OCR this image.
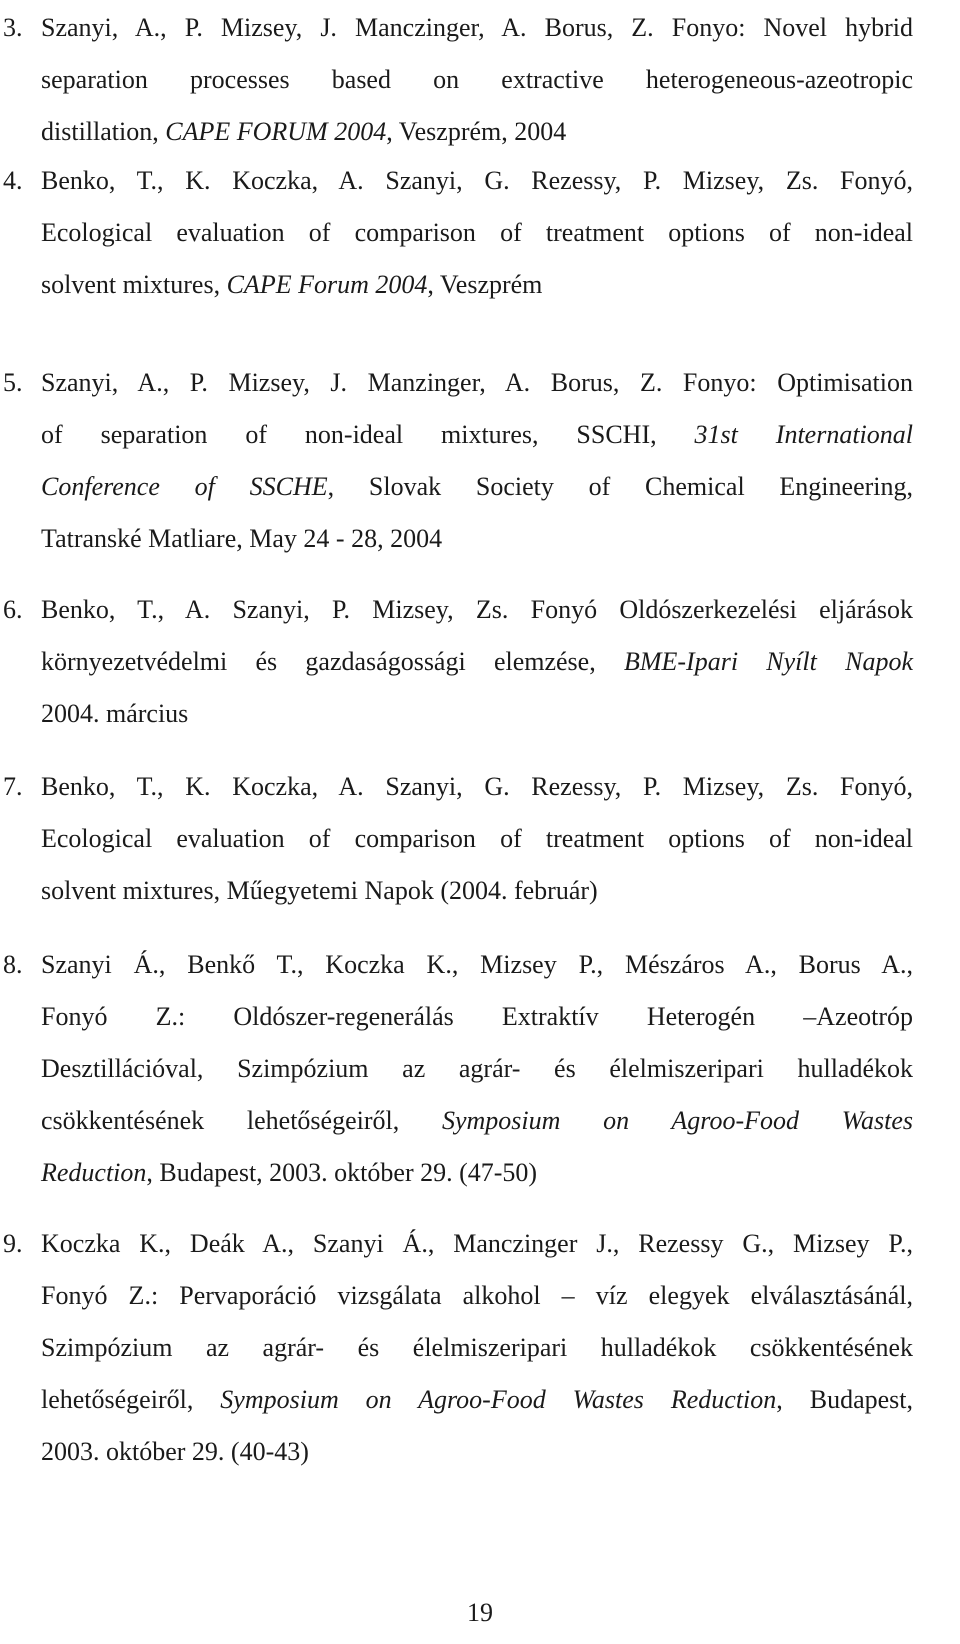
3. Szanyi, A., P. Mizsey, J. Manczinger, A. Borus, Z. Fonyo: Novel hybrid
separation processes based on extractive heterogeneous-azeotropic
distillation, CAPE FORUM 2004, Veszprém, 2004
4. Benko, T., K. Koczka, A. Szanyi, G. Rezessy, P. Mizsey, Zs. Fonyó,
Ecological evaluation of comparison of treatment options of non-ideal
solvent mixtures, CAPE Forum 2004, Veszprém
5. Szanyi, A., P. Mizsey, J. Manzinger, A. Borus, Z. Fonyo: Optimisation
of separation of non-ideal mixtures, SSCHI, 31st International
Conference of SSCHE, Slovak Society of Chemical Engineering,
Tatranské Matliare, May 24 - 28, 2004
6. Benko, T., A. Szanyi, P. Mizsey, Zs. Fonyó Oldószerkezelési eljárások
környezetvédelmi és gazdaságossági elemzése, BME-Ipari Nyílt Napok
2004. március
7. Benko, T., K. Koczka, A. Szanyi, G. Rezessy, P. Mizsey, Zs. Fonyó,
Ecological evaluation of comparison of treatment options of non-ideal
solvent mixtures, Műegyetemi Napok (2004. február)
8. Szanyi Á., Benkő T., Koczka K., Mizsey P., Mészáros A., Borus A.,
Fonyó Z.: Oldószer-regenerálás Extraktív Heterogén –Azeotróp
Desztillációval, Szimpózium az agrár- és élelmiszeripari hulladékok
csökkentésének lehetőségeiről, Symposium on Agroo-Food Wastes
Reduction, Budapest, 2003. október 29. (47-50)
9. Koczka K., Deák A., Szanyi Á., Manczinger J., Rezessy G., Mizsey P.,
Fonyó Z.: Pervaporáció vizsgálata alkohol – víz elegyek elválasztásánál,
Szimpózium az agrár- és élelmiszeripari hulladékok csökkentésének
lehetőségeiről, Symposium on Agroo-Food Wastes Reduction, Budapest,
2003. október 29. (40-43)
19
